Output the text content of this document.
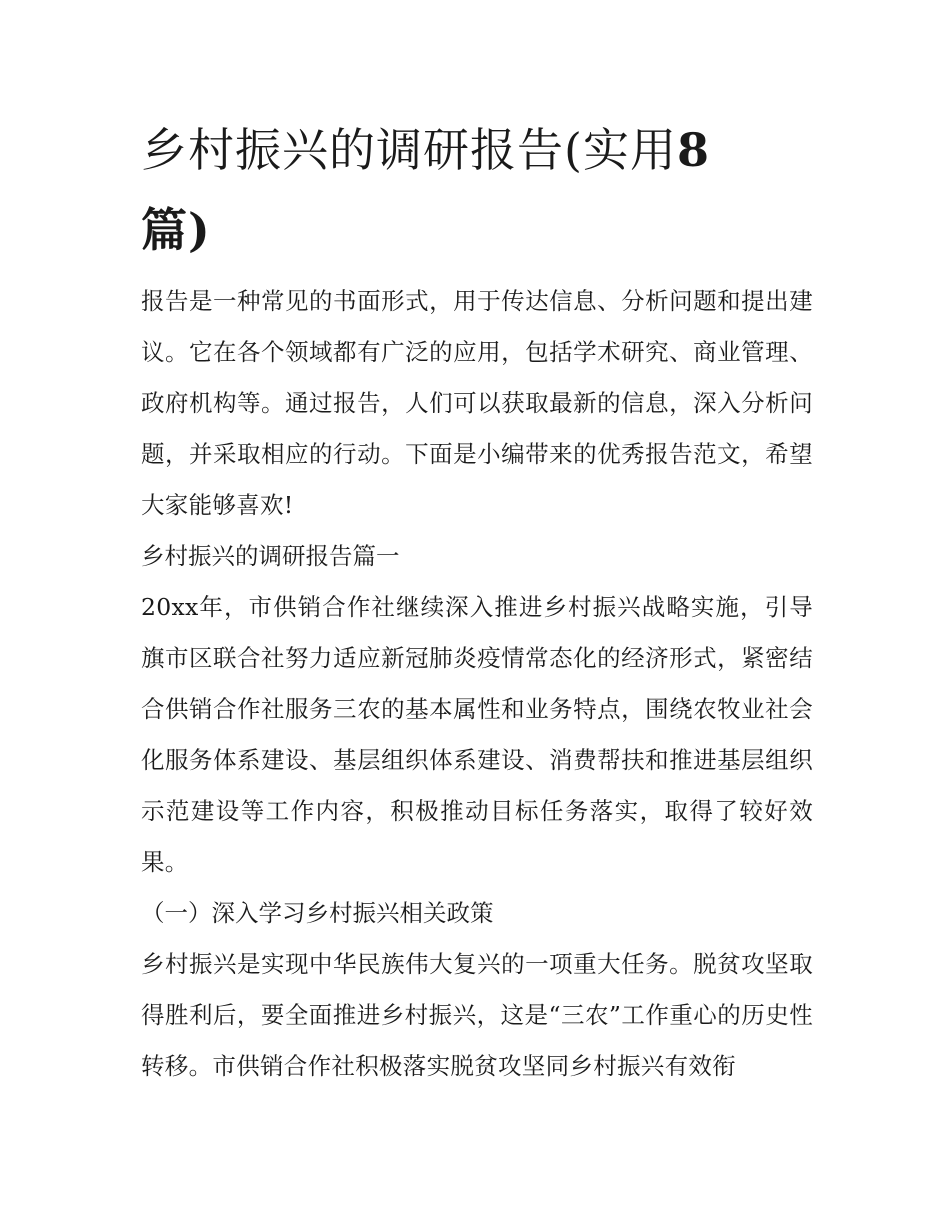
乡村振兴的调研报告(实用8
篇)

报告是一种常见的书面形式，用于传达信息、分析问题和提出建议。它在各个领域都有广泛的应用，包括学术研究、商业管理、政府机构等。通过报告，人们可以获取最新的信息，深入分析问题，并采取相应的行动。下面是小编带来的优秀报告范文，希望大家能够喜欢!

乡村振兴的调研报告篇一

20xx年，市供销合作社继续深入推进乡村振兴战略实施，引导旗市区联合社努力适应新冠肺炎疫情常态化的经济形式，紧密结合供销合作社服务三农的基本属性和业务特点，围绕农牧业社会化服务体系建设、基层组织体系建设、消费帮扶和推进基层组织示范建设等工作内容，积极推动目标任务落实，取得了较好效果。

（一）深入学习乡村振兴相关政策

乡村振兴是实现中华民族伟大复兴的一项重大任务。脱贫攻坚取得胜利后，要全面推进乡村振兴，这是“三农”工作重心的历史性转移。市供销合作社积极落实脱贫攻坚同乡村振兴有效衔
